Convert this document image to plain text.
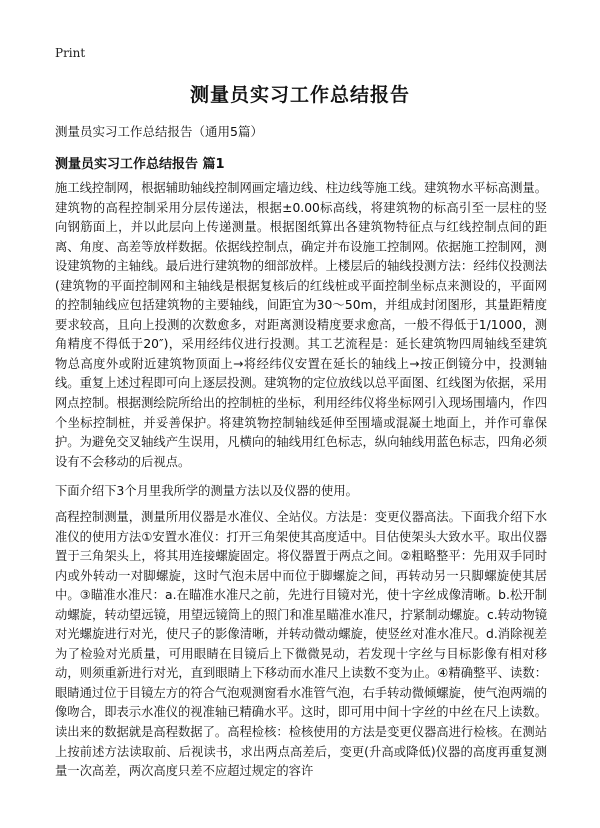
Print
测量员实习工作总结报告
测量员实习工作总结报告（通用5篇）
测量员实习工作总结报告 篇1

施工线控制网，根据辅助轴线控制网画定墙边线、柱边线等施工线。建筑物水平标高测量。建筑物的高程控制采用分层传递法，根据±0.00标高线，将建筑物的标高引至一层柱的竖向钢筋面上，并以此层向上传递测量。根据图纸算出各建筑物特征点与红线控制点间的距离、角度、高差等放样数据。依据线控制点，确定并布设施工控制网。依据施工控制网，测设建筑物的主轴线。最后进行建筑物的细部放样。上楼层后的轴线投测方法：经纬仪投测法(建筑物的平面控制网和主轴线是根据复核后的红线桩或平面控制坐标点来测设的，平面网的控制轴线应包括建筑物的主要轴线，间距宜为30～50m，并组成封闭图形，其量距精度要求较高，且向上投测的次数愈多，对距离测设精度要求愈高，一般不得低于1/1000，测角精度不得低于20″)，采用经纬仪进行投测。其工艺流程是：延长建筑物四周轴线至建筑物总高度外或附近建筑物顶面上→将经纬仪安置在延长的轴线上→按正倒镜分中，投测轴线。重复上述过程即可向上逐层投测。建筑物的定位放线以总平面图、红线图为依据，采用网点控制。根据测绘院所给出的控制桩的坐标，利用经纬仪将坐标网引入现场围墙内，作四个坐标控制桩，并妥善保护。将建筑物控制轴线延伸至围墙或混凝土地面上，并作可靠保护。为避免交叉轴线产生误用，凡横向的轴线用红色标志，纵向轴线用蓝色标志，四角必须设有不会移动的后视点。

下面介绍下3个月里我所学的测量方法以及仪器的使用。

高程控制测量，测量所用仪器是水准仪、全站仪。方法是：变更仪器高法。下面我介绍下水准仪的使用方法①安置水准仪：打开三角架使其高度适中。目估使架头大致水平。取出仪器置于三角架头上，将其用连接螺旋固定。将仪器置于两点之间。②粗略整平：先用双手同时内或外转动一对脚螺旋，这时气泡未居中而位于脚螺旋之间，再转动另一只脚螺旋使其居中。③瞄准水准尺：a.在瞄准水准尺之前，先进行目镜对光，使十字丝成像清晰。b.松开制动螺旋，转动望远镜，用望远镜筒上的照门和准星瞄准水准尺，拧紧制动螺旋。c.转动物镜对光螺旋进行对光，使尺子的影像清晰，并转动微动螺旋，使竖丝对准水准尺。d.消除视差为了检验对光质量，可用眼睛在目镜后上下微微晃动，若发现十字丝与目标影像有相对移动，则须重新进行对光，直到眼睛上下移动而水准尺上读数不变为止。④精确整平、读数：眼睛通过位于目镜左方的符合气泡观测窗看水准管气泡，右手转动微倾螺旋，使气泡两端的像吻合，即表示水准仪的视准轴已精确水平。这时，即可用中间十字丝的中丝在尺上读数。读出来的数据就是高程数据了。高程检核：检核使用的方法是变更仪器高进行检核。在测站上按前述方法读取前、后视读书，求出两点高差后，变更(升高或降低)仪器的高度再重复测量一次高差，两次高度只差不应超过规定的容许
